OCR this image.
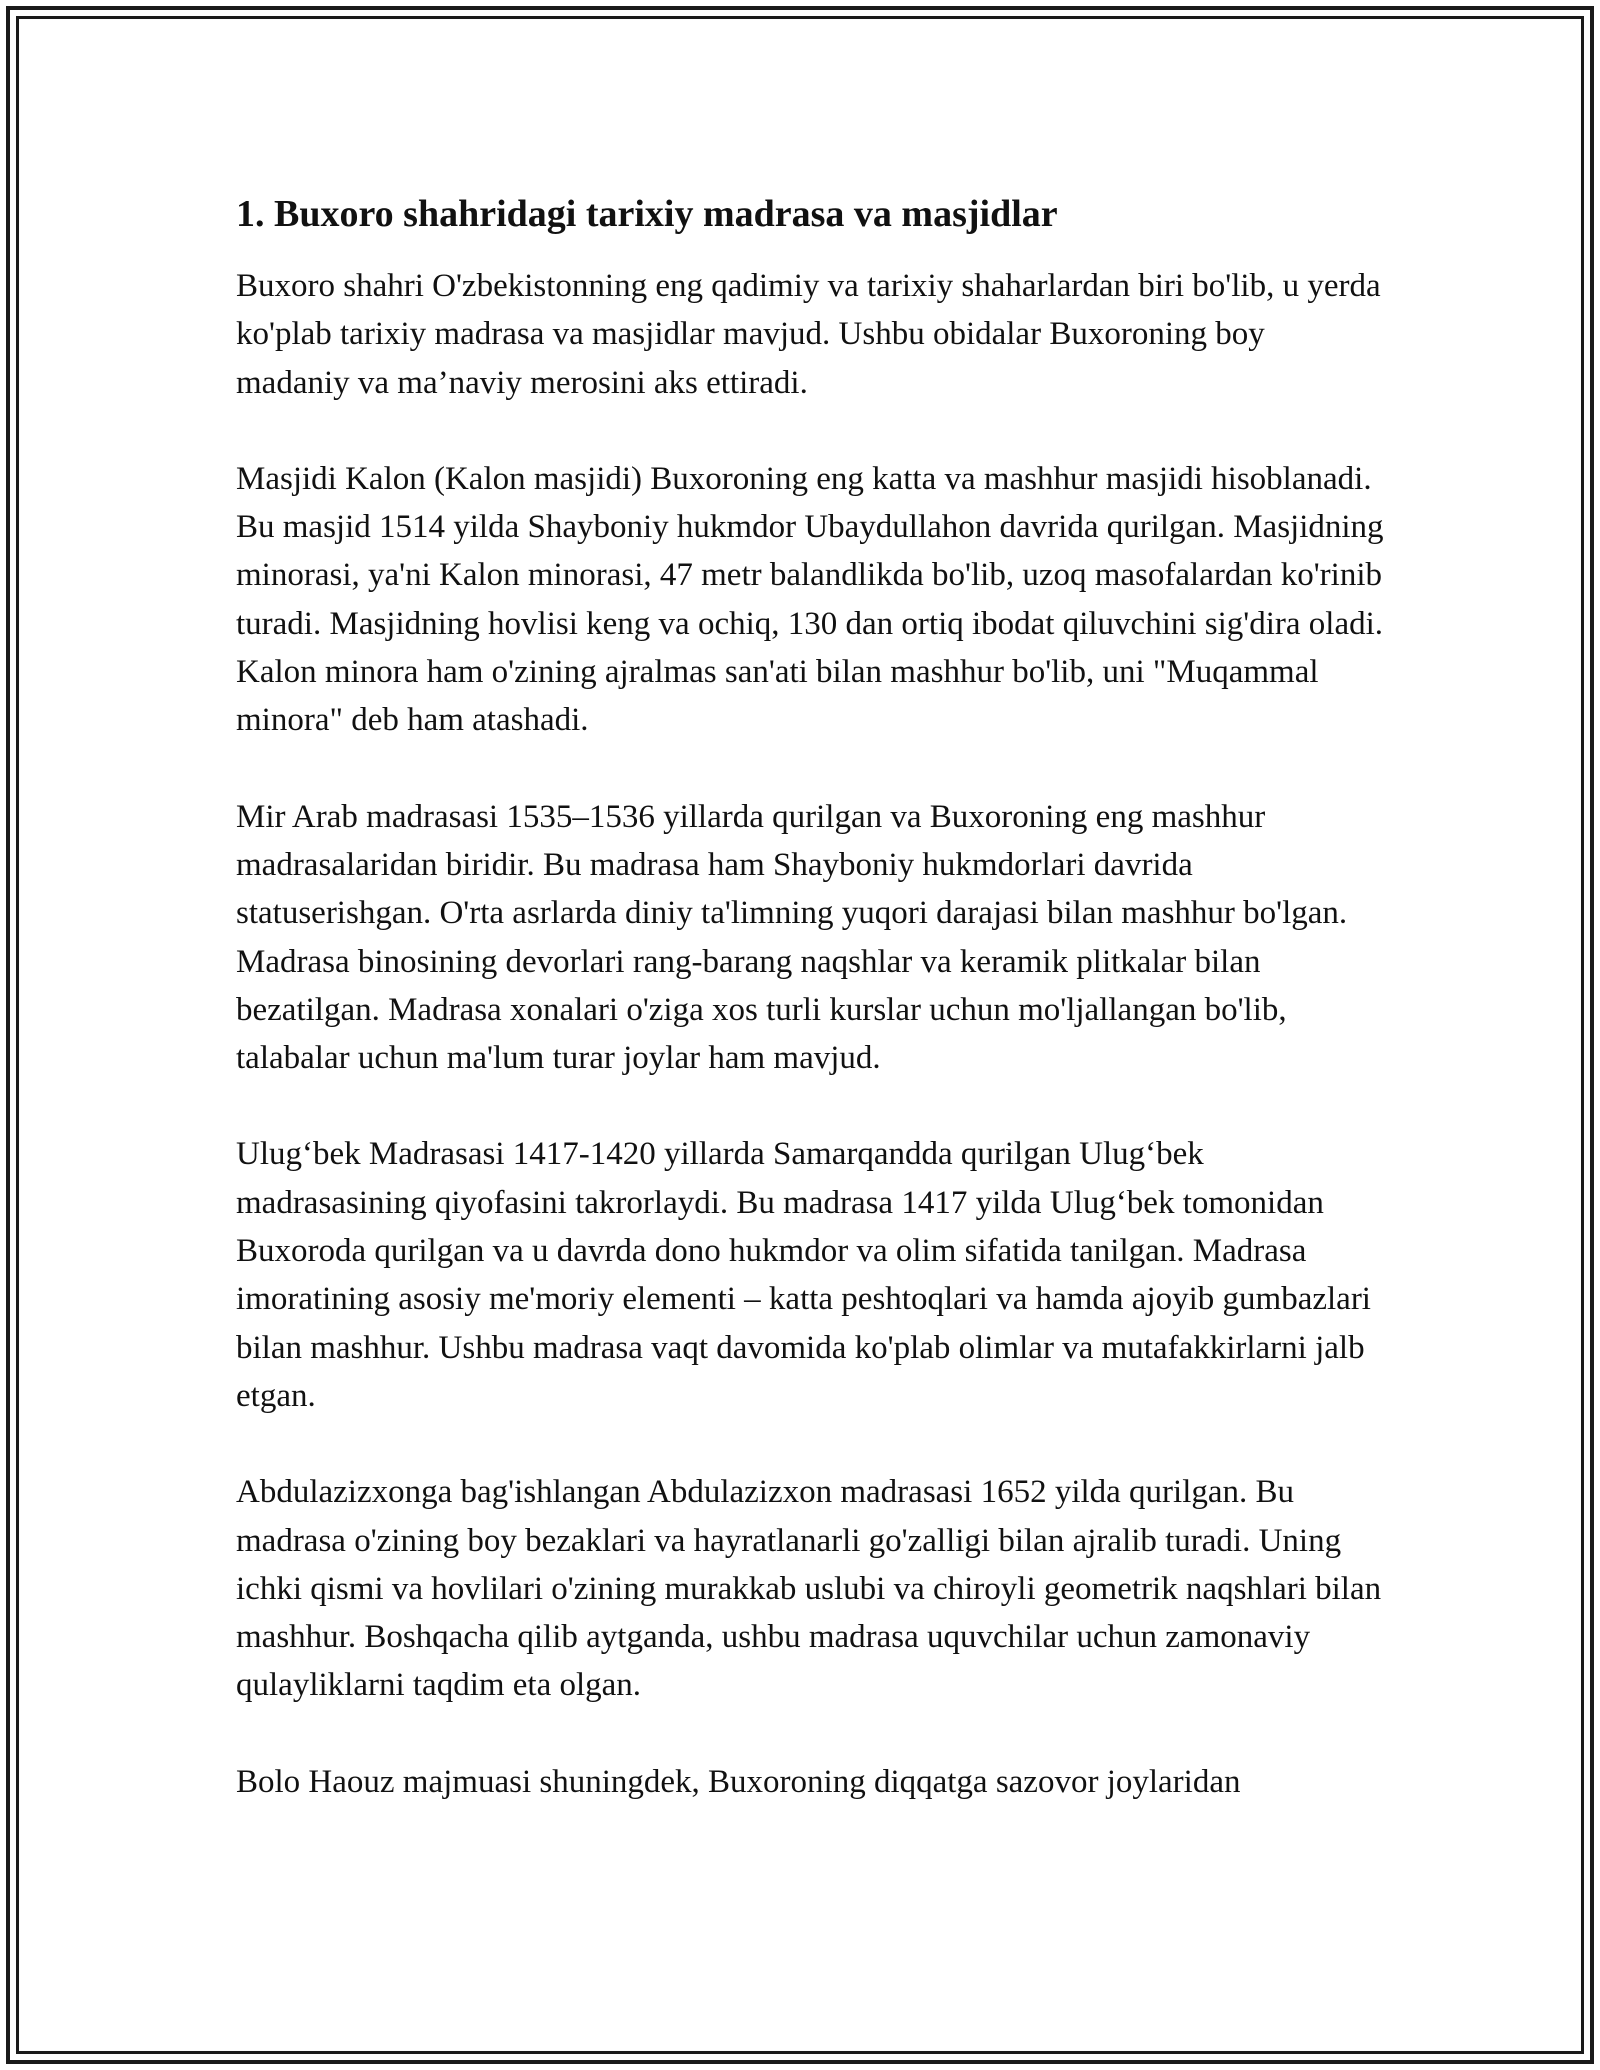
1. Buxoro shahridagi tarixiy madrasa va masjidlar

Buxoro shahri O'zbekistonning eng qadimiy va tarixiy shaharlardan biri bo'lib, u yerda ko'plab tarixiy madrasa va masjidlar mavjud. Ushbu obidalar Buxoroning boy madaniy va ma’naviy merosini aks ettiradi.

Masjidi Kalon (Kalon masjidi) Buxoroning eng katta va mashhur masjidi hisoblanadi. Bu masjid 1514 yilda Shayboniy hukmdor Ubaydullahon davrida qurilgan. Masjidning minorasi, ya'ni Kalon minorasi, 47 metr balandlikda bo'lib, uzoq masofalardan ko'rinib turadi. Masjidning hovlisi keng va ochiq, 130 dan ortiq ibodat qiluvchini sig'dira oladi. Kalon minora ham o'zining ajralmas san'ati bilan mashhur bo'lib, uni "Muqammal minora" deb ham atashadi.

Mir Arab madrasasi 1535–1536 yillarda qurilgan va Buxoroning eng mashhur madrasalaridan biridir. Bu madrasa ham Shayboniy hukmdorlari davrida statuserishgan. O'rta asrlarda diniy ta'limning yuqori darajasi bilan mashhur bo'lgan. Madrasa binosining devorlari rang-barang naqshlar va keramik plitkalar bilan bezatilgan. Madrasa xonalari o'ziga xos turli kurslar uchun mo'ljallangan bo'lib, talabalar uchun ma'lum turar joylar ham mavjud.

Ulug‘bek Madrasasi 1417-1420 yillarda Samarqandda qurilgan Ulug‘bek madrasasining qiyofasini takrorlaydi. Bu madrasa 1417 yilda Ulug‘bek tomonidan Buxoroda qurilgan va u davrda dono hukmdor va olim sifatida tanilgan. Madrasa imoratining asosiy me'moriy elementi – katta peshtoqlari va hamda ajoyib gumbazlari bilan mashhur. Ushbu madrasa vaqt davomida ko'plab olimlar va mutafakkirlarni jalb etgan.

Abdulazizxonga bag'ishlangan Abdulazizxon madrasasi 1652 yilda qurilgan. Bu madrasa o'zining boy bezaklari va hayratlanarli go'zalligi bilan ajralib turadi. Uning ichki qismi va hovlilari o'zining murakkab uslubi va chiroyli geometrik naqshlari bilan mashhur. Boshqacha qilib aytganda, ushbu madrasa uquvchilar uchun zamonaviy qulayliklarni taqdim eta olgan.

Bolo Haouz majmuasi shuningdek, Buxoroning diqqatga sazovor joylaridan
